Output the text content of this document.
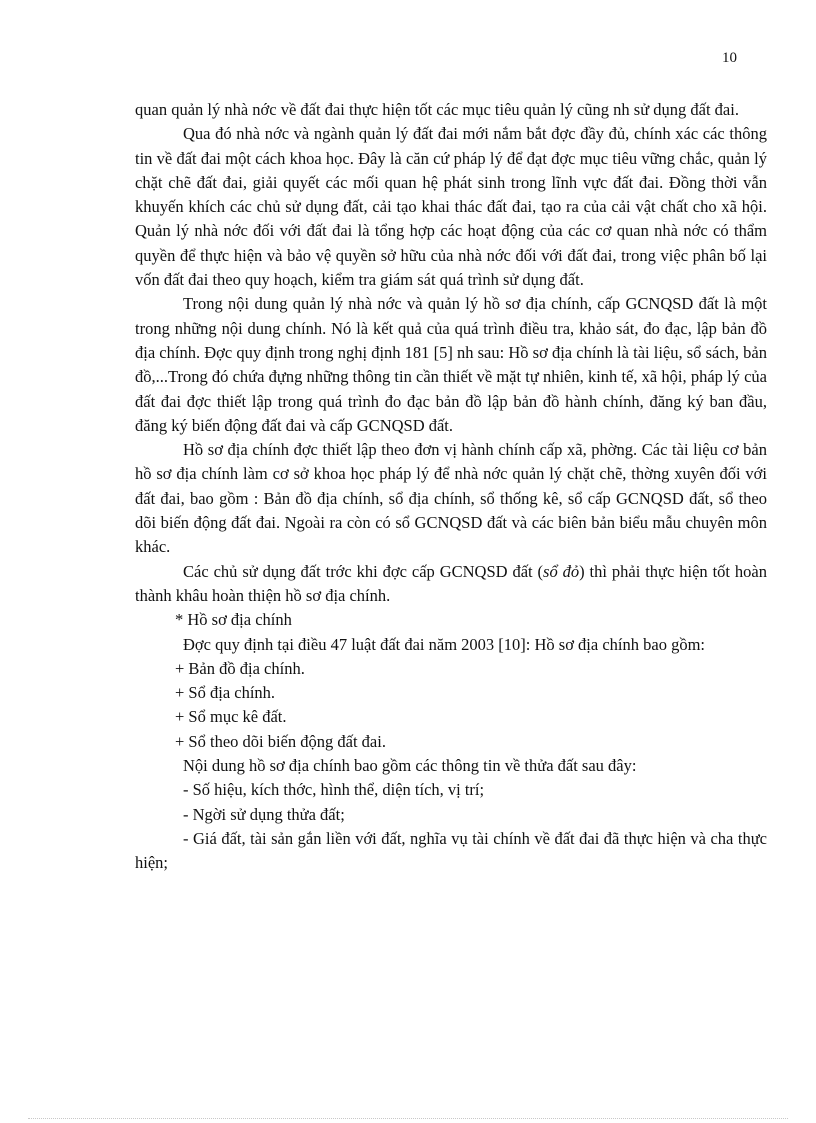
10

quan quản lý nhà nớc về đất đai thực hiện tốt các mục tiêu quản lý cũng nh sử dụng đất đai.

Qua đó nhà nớc và ngành quản lý đất đai mới nắm bắt đợc đầy đủ, chính xác các thông tin về đất đai một cách khoa học. Đây là căn cứ pháp lý để đạt đợc mục tiêu vững chắc, quản lý chặt chẽ đất đai, giải quyết các mối quan hệ phát sinh trong lĩnh vực đất đai. Đồng thời vẫn khuyến khích các chủ sử dụng đất, cải tạo khai thác đất đai, tạo ra của cải vật chất cho xã hội. Quản lý nhà nớc đối với đất đai là tổng hợp các hoạt động của các cơ quan nhà nớc có thẩm quyền để thực hiện và bảo vệ quyền sở hữu của nhà nớc đối với đất đai, trong việc phân bố lại vốn đất đai theo quy hoạch, kiểm tra giám sát quá trình sử dụng đất.

Trong nội dung quản lý nhà nớc và quản lý hồ sơ địa chính, cấp GCNQSD đất là một trong những nội dung chính. Nó là kết quả của quá trình điều tra, khảo sát, đo đạc, lập bản đồ địa chính. Đợc quy định trong nghị định 181 [5] nh sau: Hồ sơ địa chính là tài liệu, sổ sách, bản đồ,...Trong đó chứa đựng những thông tin cần thiết về mặt tự nhiên, kinh tế, xã hội, pháp lý của đất đai đợc thiết lập trong quá trình đo đạc bản đồ lập bản đồ hành chính, đăng ký ban đầu, đăng ký biến động đất đai và cấp GCNQSD đất.

Hồ sơ địa chính đợc thiết lập theo đơn vị hành chính cấp xã, phờng. Các tài liệu cơ bản hồ sơ địa chính làm cơ sở khoa học pháp lý để nhà nớc quản lý chặt chẽ, thờng xuyên đối với đất đai, bao gồm : Bản đồ địa chính, sổ địa chính, sổ thống kê, sổ cấp GCNQSD đất, sổ theo dõi biến động đất đai. Ngoài ra còn có sổ GCNQSD đất và các biên bản biểu mẫu chuyên môn khác.

Các chủ sử dụng đất trớc khi đợc cấp GCNQSD đất (sổ đỏ) thì phải thực hiện tốt hoàn thành khâu hoàn thiện hồ sơ địa chính.

* Hồ sơ địa chính

Đợc quy định tại điều 47 luật đất đai năm 2003 [10]: Hồ sơ địa chính bao gồm:

+ Bản đồ địa chính.

+ Sổ địa chính.

+ Sổ mục kê đất.

+ Sổ theo dõi biến động đất đai.

Nội dung hồ sơ địa chính bao gồm các thông tin về thửa đất sau đây:

- Số hiệu, kích thớc, hình thể, diện tích, vị trí;

- Ngời sử dụng thửa đất;

- Giá đất, tài sản gắn liền với đất, nghĩa vụ tài chính về đất đai đã thực hiện và cha thực hiện;
